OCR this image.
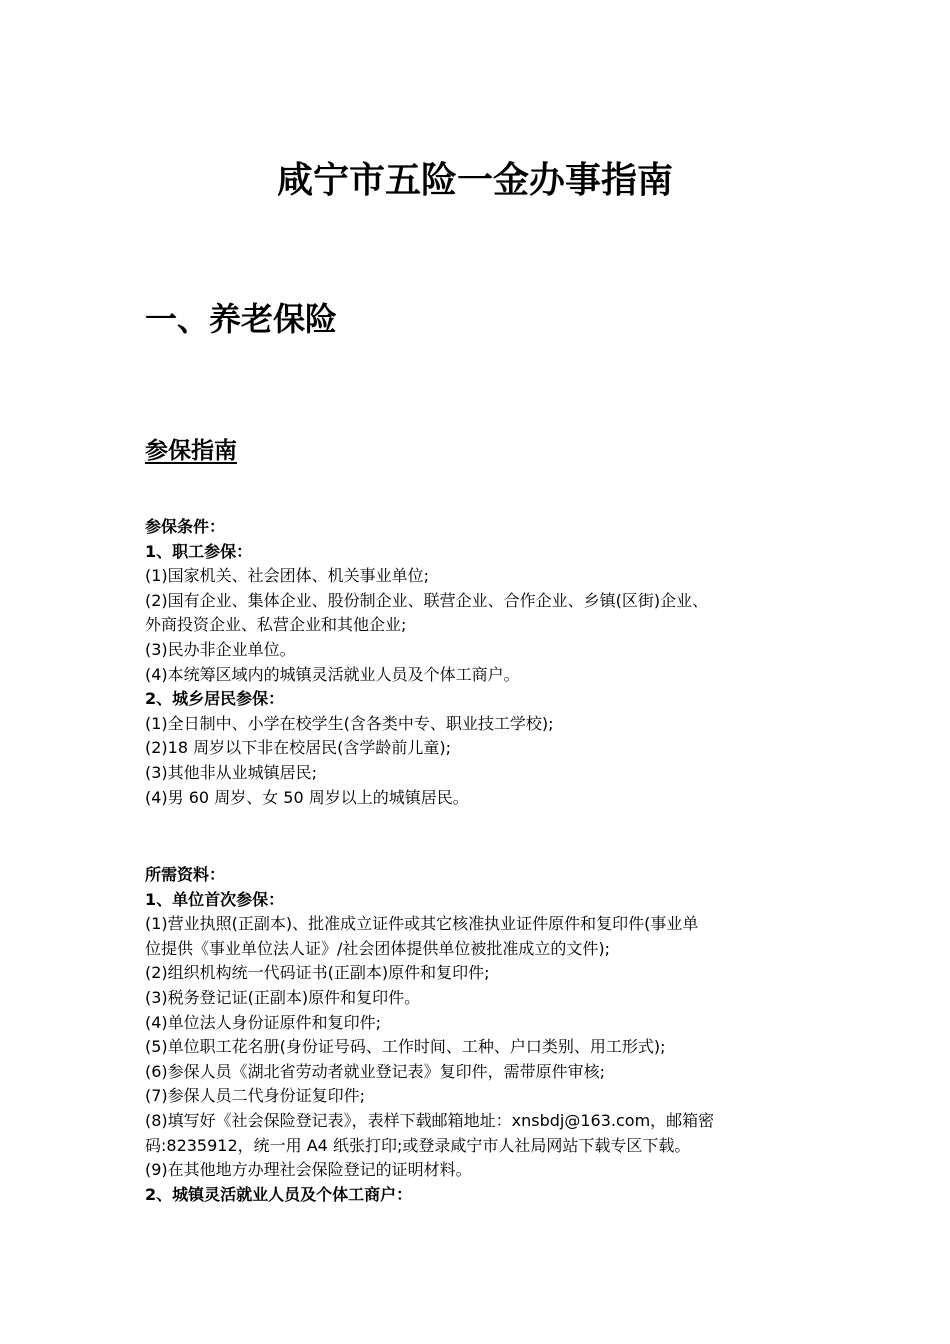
咸宁市五险一金办事指南
一、养老保险
参保指南
参保条件：
1、职工参保：
(1)国家机关、社会团体、机关事业单位;
(2)国有企业、集体企业、股份制企业、联营企业、合作企业、乡镇(区街)企业、
外商投资企业、私营企业和其他企业;
(3)民办非企业单位。
(4)本统筹区域内的城镇灵活就业人员及个体工商户。
2、城乡居民参保：
(1)全日制中、小学在校学生(含各类中专、职业技工学校);
(2)18 周岁以下非在校居民(含学龄前儿童);
(3)其他非从业城镇居民;
(4)男 60 周岁、女 50 周岁以上的城镇居民。
所需资料：
1、单位首次参保：
(1)营业执照(正副本)、批准成立证件或其它核准执业证件原件和复印件(事业单
位提供《事业单位法人证》/社会团体提供单位被批准成立的文件);
(2)组织机构统一代码证书(正副本)原件和复印件;
(3)税务登记证(正副本)原件和复印件。
(4)单位法人身份证原件和复印件;
(5)单位职工花名册(身份证号码、工作时间、工种、户口类别、用工形式);
(6)参保人员《湖北省劳动者就业登记表》复印件，需带原件审核;
(7)参保人员二代身份证复印件;
(8)填写好《社会保险登记表》，表样下载邮箱地址：xnsbdj@163.com，邮箱密
码:8235912，统一用 A4 纸张打印;或登录咸宁市人社局网站下载专区下载。
(9)在其他地方办理社会保险登记的证明材料。
2、城镇灵活就业人员及个体工商户：
